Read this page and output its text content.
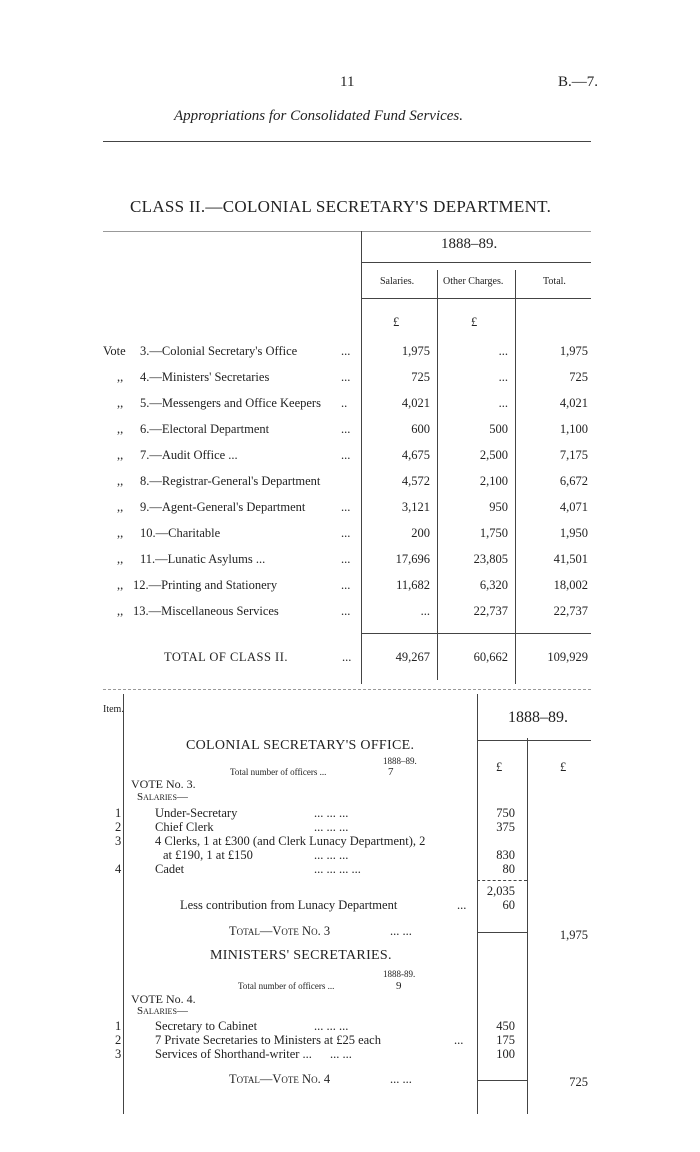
11	B.—7.
Appropriations for Consolidated Fund Services.
CLASS II.—COLONIAL SECRETARY'S DEPARTMENT.
1888–89.
Salaries.	Other Charges.	Total.
£	£
Vote 3.—Colonial Secretary's Office	...	1,975	...	1,975
,, 4.—Ministers' Secretaries	...	725	...	725
,, 5.—Messengers and Office Keepers ..	4,021	...	4,021
,, 6.—Electoral Department	...	600	500	1,100
,, 7.—Audit Office ...	...	4,675	2,500	7,175
,, 8.—Registrar-General's Department	4,572	2,100	6,672
,, 9.—Agent-General's Department	...	3,121	950	4,071
,, 10.—Charitable	...	200	1,750	1,950
,, 11.—Lunatic Asylums ...	...	17,696	23,805	41,501
,, 12.—Printing and Stationery	...	11,682	6,320	18,002
,, 13.—Miscellaneous Services	...	...	22,737	22,737
TOTAL OF CLASS II.	...	49,267	60,662	109,929
Item.	1888–89.
£	£
COLONIAL SECRETARY'S OFFICE.
1888–89.
Total number of officers ...	7
VOTE No. 3.
Salaries—
1	Under-Secretary	... ... ...	750
2	Chief Clerk	... ... ...	375
3	4 Clerks, 1 at £300 (and Clerk Lunacy Department), 2
at £190, 1 at £150	... ... ...	830
4	Cadet	... ... ... ...	80
2,035
Less contribution from Lunacy Department	...	60
Total—Vote No. 3	... ...	1,975
MINISTERS' SECRETARIES.
1888-89.
Total number of officers ...	9
VOTE No. 4.
Salaries—
1	Secretary to Cabinet	... ... ...	450
2	7 Private Secretaries to Ministers at £25 each	...	175
3	Services of Shorthand-writer ... ... ...	100
Total—Vote No. 4	... ...	725
